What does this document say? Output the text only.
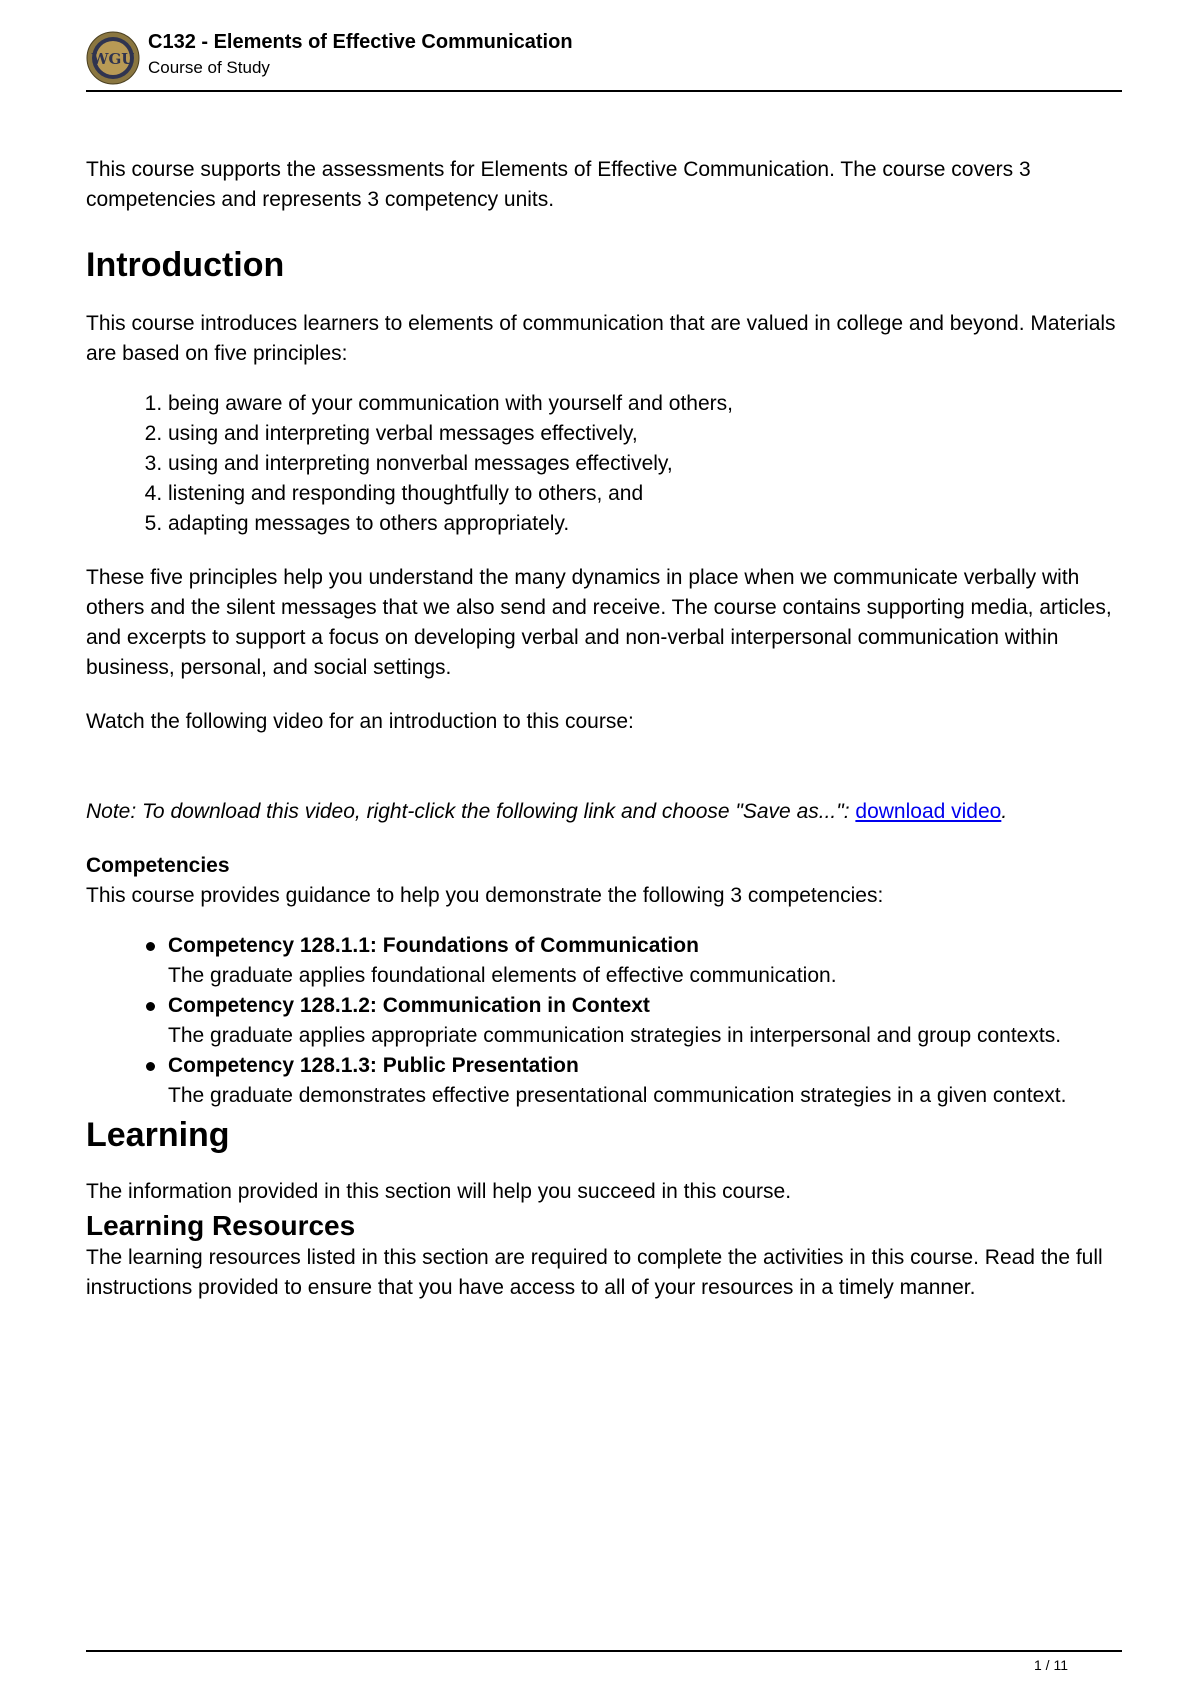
WGU
C132 - Elements of Effective Communication
Course of Study

This course supports the assessments for Elements of Effective Communication. The course covers 3 competencies and represents 3 competency units.

Introduction

This course introduces learners to elements of communication that are valued in college and beyond. Materials are based on five principles:

1. being aware of your communication with yourself and others,
2. using and interpreting verbal messages effectively,
3. using and interpreting nonverbal messages effectively,
4. listening and responding thoughtfully to others, and
5. adapting messages to others appropriately.

These five principles help you understand the many dynamics in place when we communicate verbally with others and the silent messages that we also send and receive. The course contains supporting media, articles, and excerpts to support a focus on developing verbal and non-verbal interpersonal communication within business, personal, and social settings.

Watch the following video for an introduction to this course:

Note: To download this video, right-click the following link and choose "Save as...": download video.

Competencies

This course provides guidance to help you demonstrate the following 3 competencies:

Competency 128.1.1: Foundations of Communication
The graduate applies foundational elements of effective communication.
Competency 128.1.2: Communication in Context
The graduate applies appropriate communication strategies in interpersonal and group contexts.
Competency 128.1.3: Public Presentation
The graduate demonstrates effective presentational communication strategies in a given context.
Learning

The information provided in this section will help you succeed in this course.

Learning Resources

The learning resources listed in this section are required to complete the activities in this course. Read the full instructions provided to ensure that you have access to all of your resources in a timely manner.

1 / 11
